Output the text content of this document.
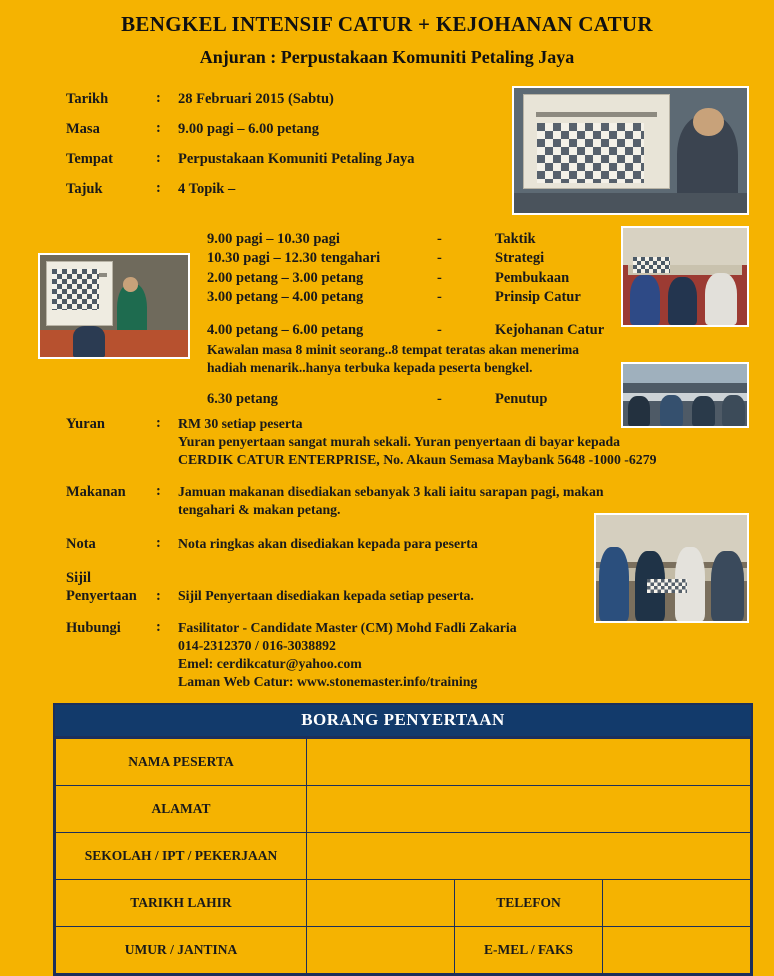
BENGKEL INTENSIF CATUR + KEJOHANAN CATUR
Anjuran : Perpustakaan Komuniti Petaling Jaya
Tarikh	:	28 Februari 2015 (Sabtu)
Masa	:	9.00 pagi – 6.00 petang
Tempat	:	Perpustakaan Komuniti Petaling Jaya
Tajuk	:	4 Topik –
9.00 pagi – 10.30 pagi	-	Taktik
10.30 pagi – 12.30 tengahari	-	Strategi
2.00 petang – 3.00 petang	-	Pembukaan
3.00 petang – 4.00 petang	-	Prinsip Catur
4.00 petang – 6.00 petang	-	Kejohanan Catur
Kawalan masa 8 minit seorang..8 tempat teratas akan menerima
hadiah menarik..hanya terbuka kepada peserta bengkel.
6.30 petang	-	Penutup
Yuran	:	RM 30 setiap peserta
Yuran penyertaan sangat murah sekali. Yuran penyertaan di bayar kepada
CERDIK CATUR ENTERPRISE, No. Akaun Semasa Maybank 5648 -1000 -6279
Makanan	:	Jamuan makanan disediakan sebanyak 3 kali iaitu sarapan pagi, makan
tengahari & makan petang.
Nota	:	Nota ringkas akan disediakan kepada para peserta
Sijil
Penyertaan	:	Sijil Penyertaan disediakan kepada setiap peserta.
Hubungi	:	Fasilitator - Candidate Master (CM) Mohd Fadli Zakaria
014-2312370 / 016-3038892
Emel: cerdikcatur@yahoo.com
Laman Web Catur: www.stonemaster.info/training
BORANG PENYERTAAN
NAMA PESERTA			
ALAMAT			
SEKOLAH / IPT / PEKERJAAN			
TARIKH LAHIR		TELEFON	
UMUR / JANTINA		E-MEL / FAKS	
